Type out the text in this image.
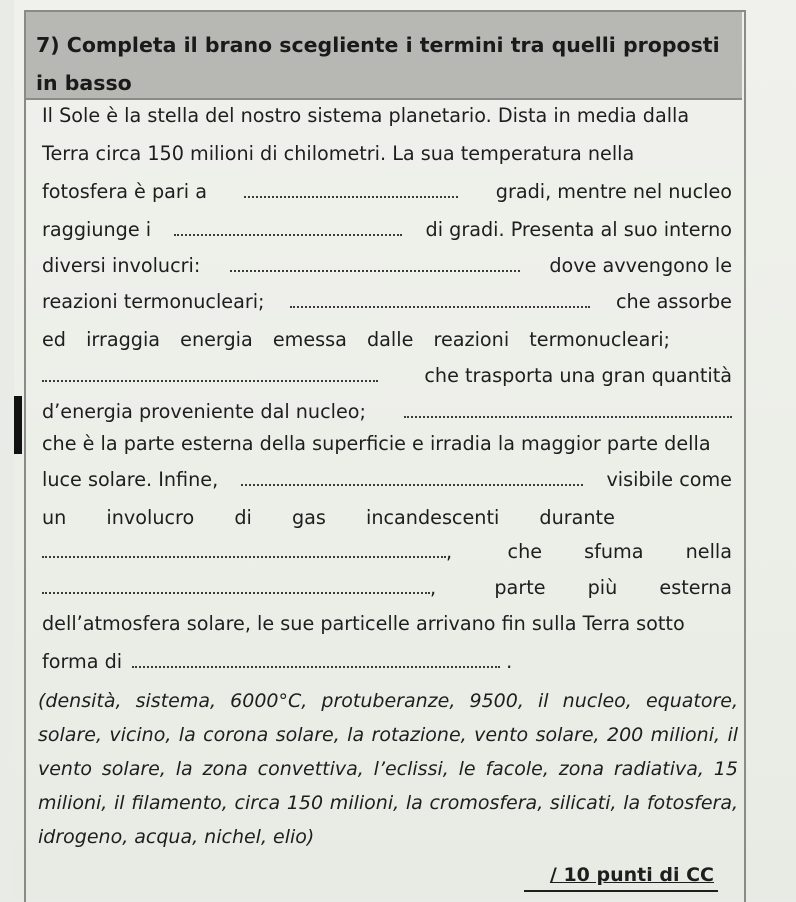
7) Completa il brano scegliente i termini tra quelli proposti in basso
Il Sole è la stella del nostro sistema planetario. Dista in media dalla
Terra circa 150 milioni di chilometri. La sua temperatura nella
fotosfera è pari a	gradi, mentre nel nucleo
raggiunge i	di gradi. Presenta al suo interno
diversi involucri:	dove avvengono le
reazioni termonucleari;	che assorbe
ed irraggia energia emessa dalle reazioni termonucleari;
che trasporta una gran quantità
d’energia proveniente dal nucleo;
che è la parte esterna della superficie e irradia la maggior parte della
luce solare. Infine,	visibile come
un involucro di gas incandescenti durante
,	che sfuma nella
,	parte più esterna
dell’atmosfera solare, le sue particelle arrivano fin sulla Terra sotto
forma di	.
(densità, sistema, 6000°C, protuberanze, 9500, il nucleo, equatore, solare, vicino, la corona solare, la rotazione, vento solare, 200 milioni, il vento solare, la zona convettiva, l’eclissi, le facole, zona radiativa, 15 milioni, il filamento, circa 150 milioni, la cromosfera, silicati, la fotosfera, idrogeno, acqua, nichel, elio)
/ 10 punti di CC
